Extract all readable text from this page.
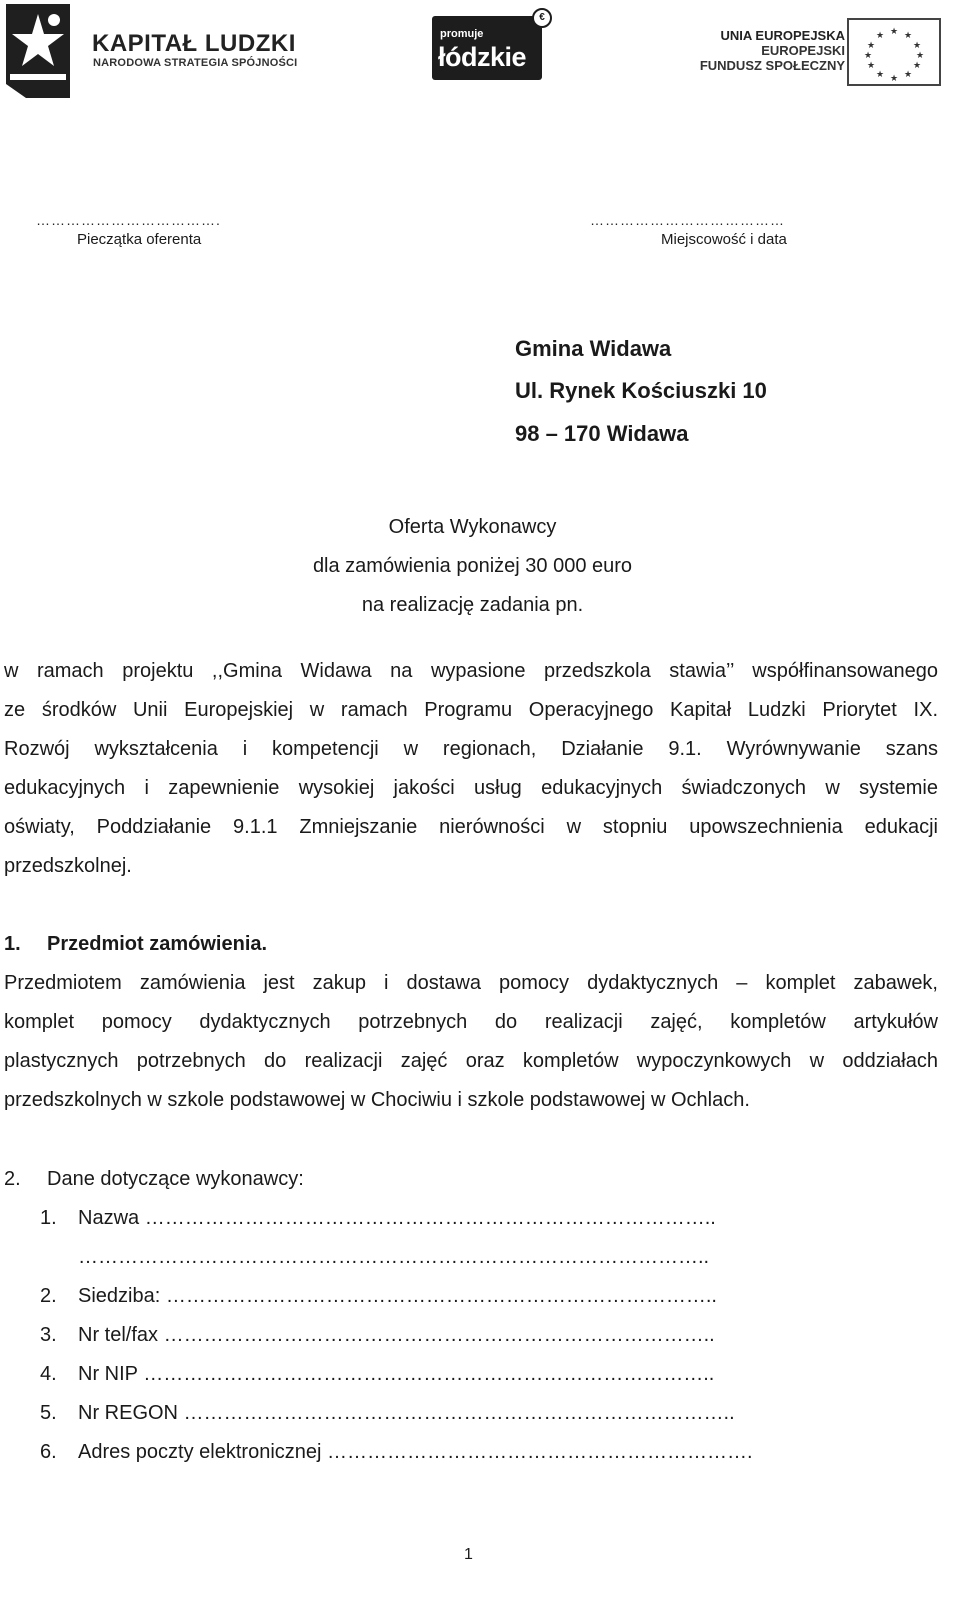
KAPITAŁ LUDZKI
NARODOWA STRATEGIA SPÓJNOŚCI
promuje
łódzkie
€
UNIA EUROPEJSKA
EUROPEJSKI
FUNDUSZ SPOŁECZNY
★ ★
★
★
★
★
★
★
★
★
★
★
……………………………….	…………………………………
Pieczątka oferenta	Miejscowość i data
Gmina Widawa
Ul. Rynek Kościuszki 10
98 – 170 Widawa
Oferta Wykonawcy
dla zamówienia poniżej 30 000 euro
na realizację zadania pn.
w ramach projektu ,,Gmina Widawa na wypasione przedszkola stawia’’ współfinansowanego
ze środków Unii Europejskiej w ramach Programu Operacyjnego Kapitał Ludzki Priorytet IX.
Rozwój wykształcenia i kompetencji w regionach, Działanie 9.1. Wyrównywanie szans
edukacyjnych i zapewnienie wysokiej jakości usług edukacyjnych świadczonych w systemie
oświaty, Poddziałanie 9.1.1 Zmniejszanie nierówności w stopniu upowszechnienia edukacji
przedszkolnej.
1. Przedmiot zamówienia.
Przedmiotem zamówienia jest zakup i dostawa pomocy dydaktycznych – komplet zabawek,
komplet pomocy dydaktycznych potrzebnych do realizacji zajęć, kompletów artykułów
plastycznych potrzebnych do realizacji zajęć oraz kompletów wypoczynkowych w oddziałach
przedszkolnych w szkole podstawowej w Chociwiu i szkole podstawowej w Ochlach.
2. Dane dotyczące wykonawcy:
1. Nazwa …………………………………………………………………………..
…………………………………………………………………………………..
2. Siedziba: ………………………………………………………………………..
3. Nr tel/fax ………………………………………………………………………..
4. Nr NIP …………………………………………………………………………..
5. Nr REGON ………………………………………………………………………..
6. Adres poczty elektronicznej ……………………………………………………….
1
